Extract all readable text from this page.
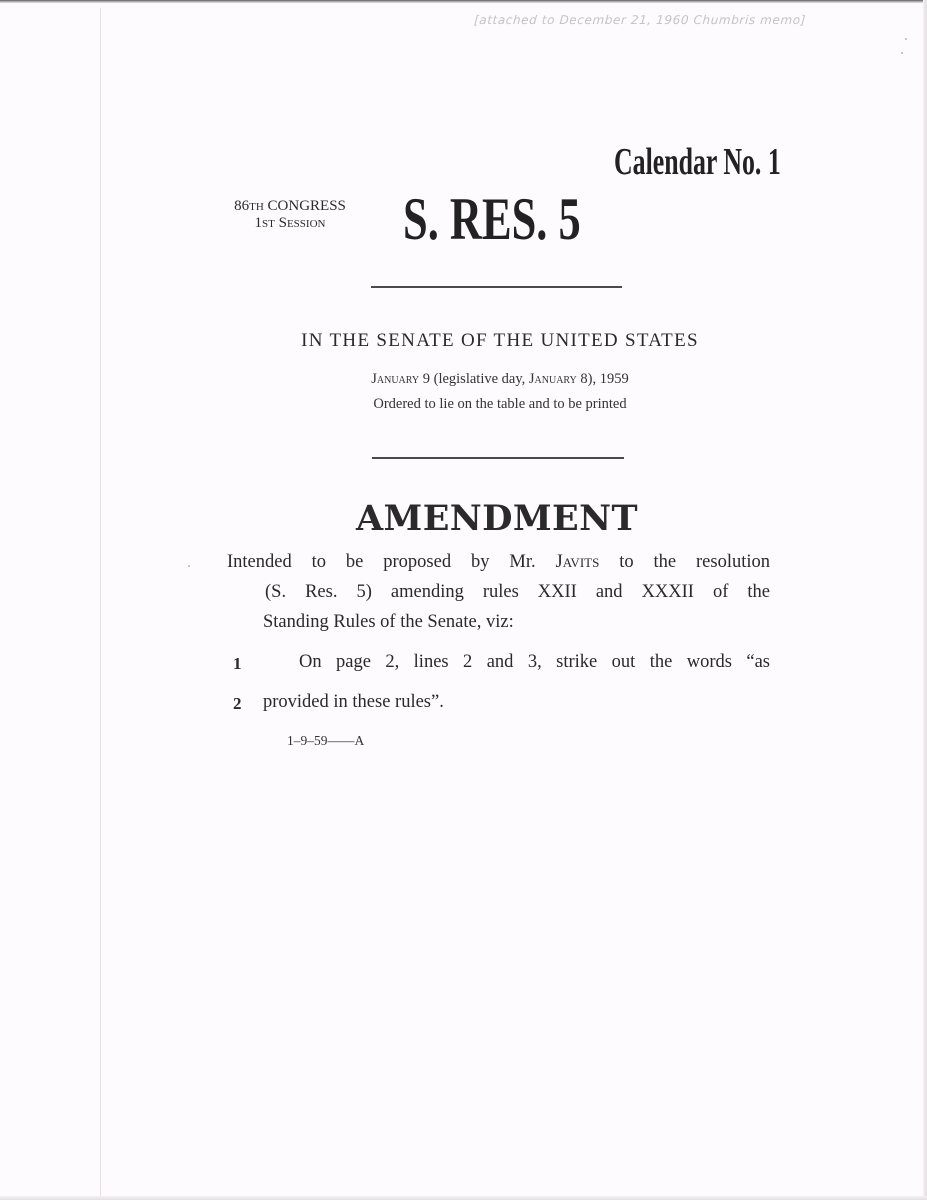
[attached to December 21, 1960 Chumbris memo]
Calendar No. 1
86TH CONGRESS
1ST Session	S. RES. 5
IN THE SENATE OF THE UNITED STATES
January 9 (legislative day, January 8), 1959
Ordered to lie on the table and to be printed
AMENDMENT
Intended to be proposed by Mr. Javits to the resolution
(S. Res. 5) amending rules XXII and XXXII of the
Standing Rules of the Senate, viz:
1	On page 2, lines 2 and 3, strike out the words “as
2 provided in these rules”.
1–9–59——A
